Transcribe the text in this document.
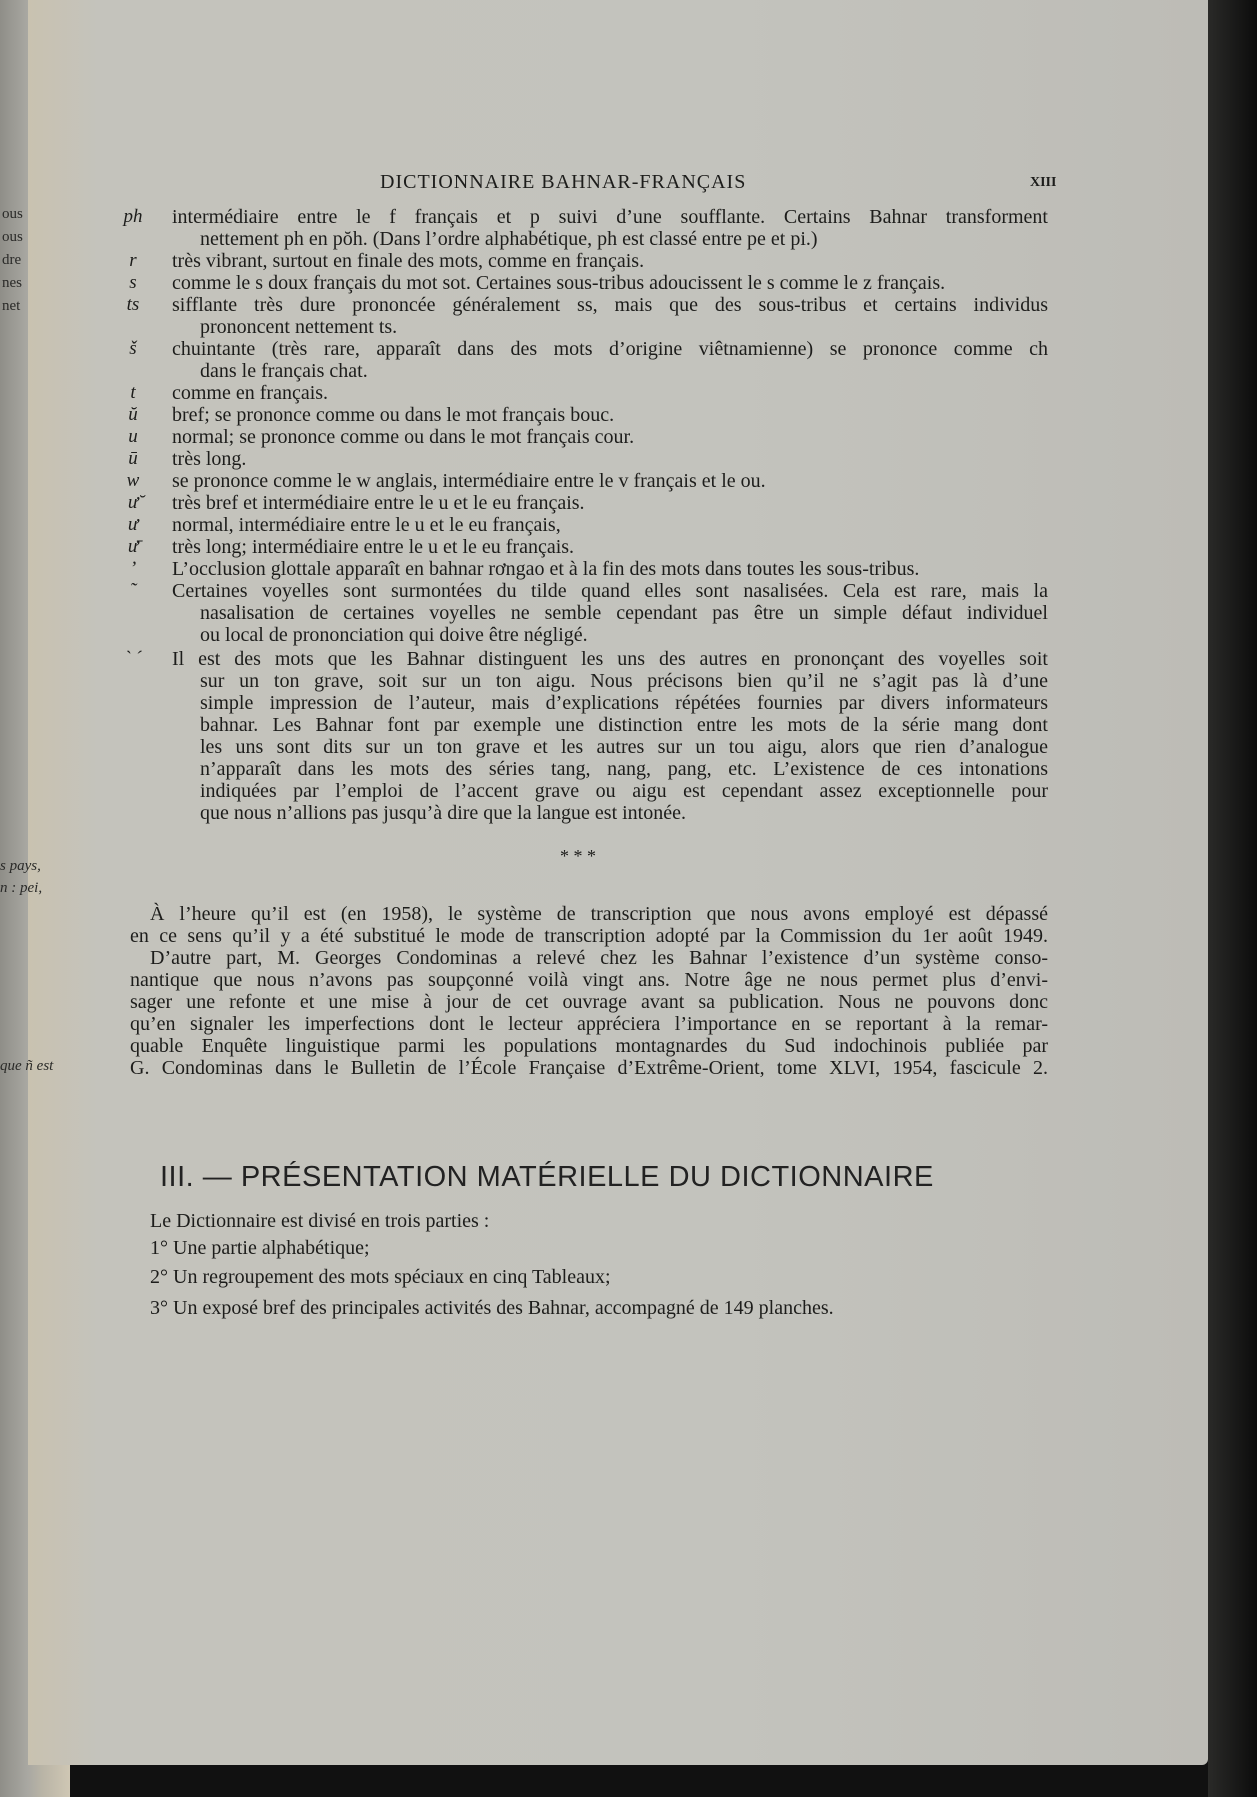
DICTIONNAIRE BAHNAR-FRANÇAIS	XIII
* * *
III. — PRÉSENTATION MATÉRIELLE DU DICTIONNAIRE
Le Dictionnaire est divisé en trois parties :
1° Une partie alphabétique;
2° Un regroupement des mots spéciaux en cinq Tableaux;
3° Un exposé bref des principales activités des Bahnar, accompagné de 149 planches.
ous
ous
dre
nes
net
s pays,
n : pei,
que ñ est
ph intermédiaire entre le f français et p suivi d’une soufflante. Certains Bahnar transforment
nettement ph en pŏh. (Dans l’ordre alphabétique, ph est classé entre pe et pi.)
r	très vibrant, surtout en finale des mots, comme en français.
s	comme le s doux français du mot sot. Certaines sous-tribus adoucissent le s comme le z français.
ts	sifflante très dure prononcée généralement ss, mais que des sous-tribus et certains individus
prononcent nettement ts.
š	chuintante (très rare, apparaît dans des mots d’origine viêtnamienne) se prononce comme ch
dans le français chat.
t	comme en français.
ŭ	bref; se prononce comme ou dans le mot français bouc.
u	normal; se prononce comme ou dans le mot français cour.
ū	très long.
w	se prononce comme le w anglais, intermédiaire entre le v français et le ou.
ư̆	très bref et intermédiaire entre le u et le eu français.
ư	normal, intermédiaire entre le u et le eu français,
ư̄	très long; intermédiaire entre le u et le eu français.
’	L’occlusion glottale apparaît en bahnar rơngao et à la fin des mots dans toutes les sous-tribus.
˜	Certaines voyelles sont surmontées du tilde quand elles sont nasalisées. Cela est rare, mais la
nasalisation de certaines voyelles ne semble cependant pas être un simple défaut individuel
ou local de prononciation qui doive être négligé.
` ´	Il est des mots que les Bahnar distinguent les uns des autres en prononçant des voyelles soit
sur un ton grave, soit sur un ton aigu. Nous précisons bien qu’il ne s’agit pas là d’une
simple impression de l’auteur, mais d’explications répétées fournies par divers informateurs
bahnar. Les Bahnar font par exemple une distinction entre les mots de la série mang dont
les uns sont dits sur un ton grave et les autres sur un tou aigu, alors que rien d’analogue
n’apparaît dans les mots des séries tang, nang, pang, etc. L’existence de ces intonations
indiquées par l’emploi de l’accent grave ou aigu est cependant assez exceptionnelle pour
que nous n’allions pas jusqu’à dire que la langue est intonée.
À l’heure qu’il est (en 1958), le système de transcription que nous avons employé est dépassé
en ce sens qu’il y a été substitué le mode de transcription adopté par la Commission du 1er août 1949.
D’autre part, M. Georges Condominas a relevé chez les Bahnar l’existence d’un système conso-
nantique que nous n’avons pas soupçonné voilà vingt ans. Notre âge ne nous permet plus d’envi-
sager une refonte et une mise à jour de cet ouvrage avant sa publication. Nous ne pouvons donc
qu’en signaler les imperfections dont le lecteur appréciera l’importance en se reportant à la remar-
quable Enquête linguistique parmi les populations montagnardes du Sud indochinois publiée par
G. Condominas dans le Bulletin de l’École Française d’Extrême-Orient, tome XLVI, 1954, fascicule 2.
